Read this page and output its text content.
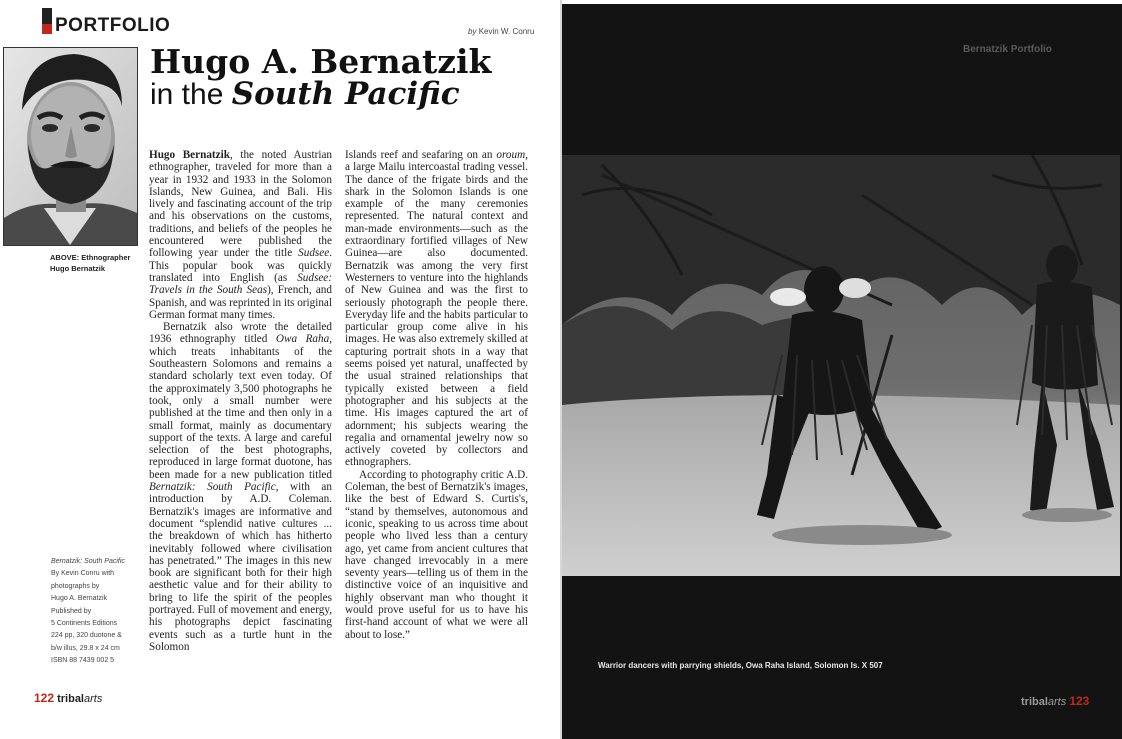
PORTFOLIO	by Kevin W. Conru
ABOVE: Ethnographer
Hugo Bernatzik
Hugo A. Bernatzik
in the South Pacific

Hugo Bernatzik, the noted Austrian ethnographer, traveled for more than a year in 1932 and 1933 in the Solomon Islands, New Guinea, and Bali. His lively and fascinating account of the trip and his observations on the customs, traditions, and beliefs of the peoples he encountered were published the following year under the title Sudsee. This popular book was quickly translated into English (as Sudsee: Travels in the South Seas), French, and Spanish, and was reprinted in its original German format many times.

Bernatzik also wrote the detailed 1936 ethnography titled Owa Raha, which treats inhabitants of the Southeastern Solomons and remains a standard scholarly text even today. Of the approximately 3,500 photographs he took, only a small number were published at the time and then only in a small format, mainly as documentary support of the texts. A large and careful selection of the best photographs, reproduced in large format duotone, has been made for a new publication titled Bernatzik: South Pacific, with an introduction by A.D. Coleman. Bernatzik's images are informative and document “splendid native cultures ... the breakdown of which has hitherto inevitably followed where civilisation has penetrated.” The images in this new book are significant both for their high aesthetic value and for their ability to bring to life the spirit of the peoples portrayed. Full of movement and energy, his photographs depict fascinating events such as a turtle hunt in the Solomon

Islands reef and seafaring on an oroum, a large Mailu intercoastal trading vessel. The dance of the frigate birds and the shark in the Solomon Islands is one example of the many ceremonies represented. The natural context and man-made environments—such as the extraordinary fortified villages of New Guinea—are also documented. Bernatzik was among the very first Westerners to venture into the highlands of New Guinea and was the first to seriously photograph the people there. Everyday life and the habits particular to particular group come alive in his images. He was also extremely skilled at capturing portrait shots in a way that seems poised yet natural, unaffected by the usual strained relationships that typically existed between a field photographer and his subjects at the time. His images captured the art of adornment; his subjects wearing the regalia and ornamental jewelry now so actively coveted by collectors and ethnographers.

According to photography critic A.D. Coleman, the best of Bernatzik's images, like the best of Edward S. Curtis's, “stand by themselves, autonomous and iconic, speaking to us across time about people who lived less than a century ago, yet came from ancient cultures that have changed irrevocably in a mere seventy years—telling us of them in the distinctive voice of an inquisitive and highly observant man who thought it would prove useful for us to have his first-hand account of what we were all about to lose.”

Bernatzik: South Pacific
By Kevin Conru with
photographs by
Hugo A. Bernatzik
Published by
5 Continents Editions
224 pp, 320 duotone &
b/w illus, 29.8 x 24 cm
ISBN 88 7439 002 5
122 tribalarts
Bernatzik Portfolio
Warrior dancers with parrying shields, Owa Raha Island, Solomon Is. X 507
tribalarts 123
